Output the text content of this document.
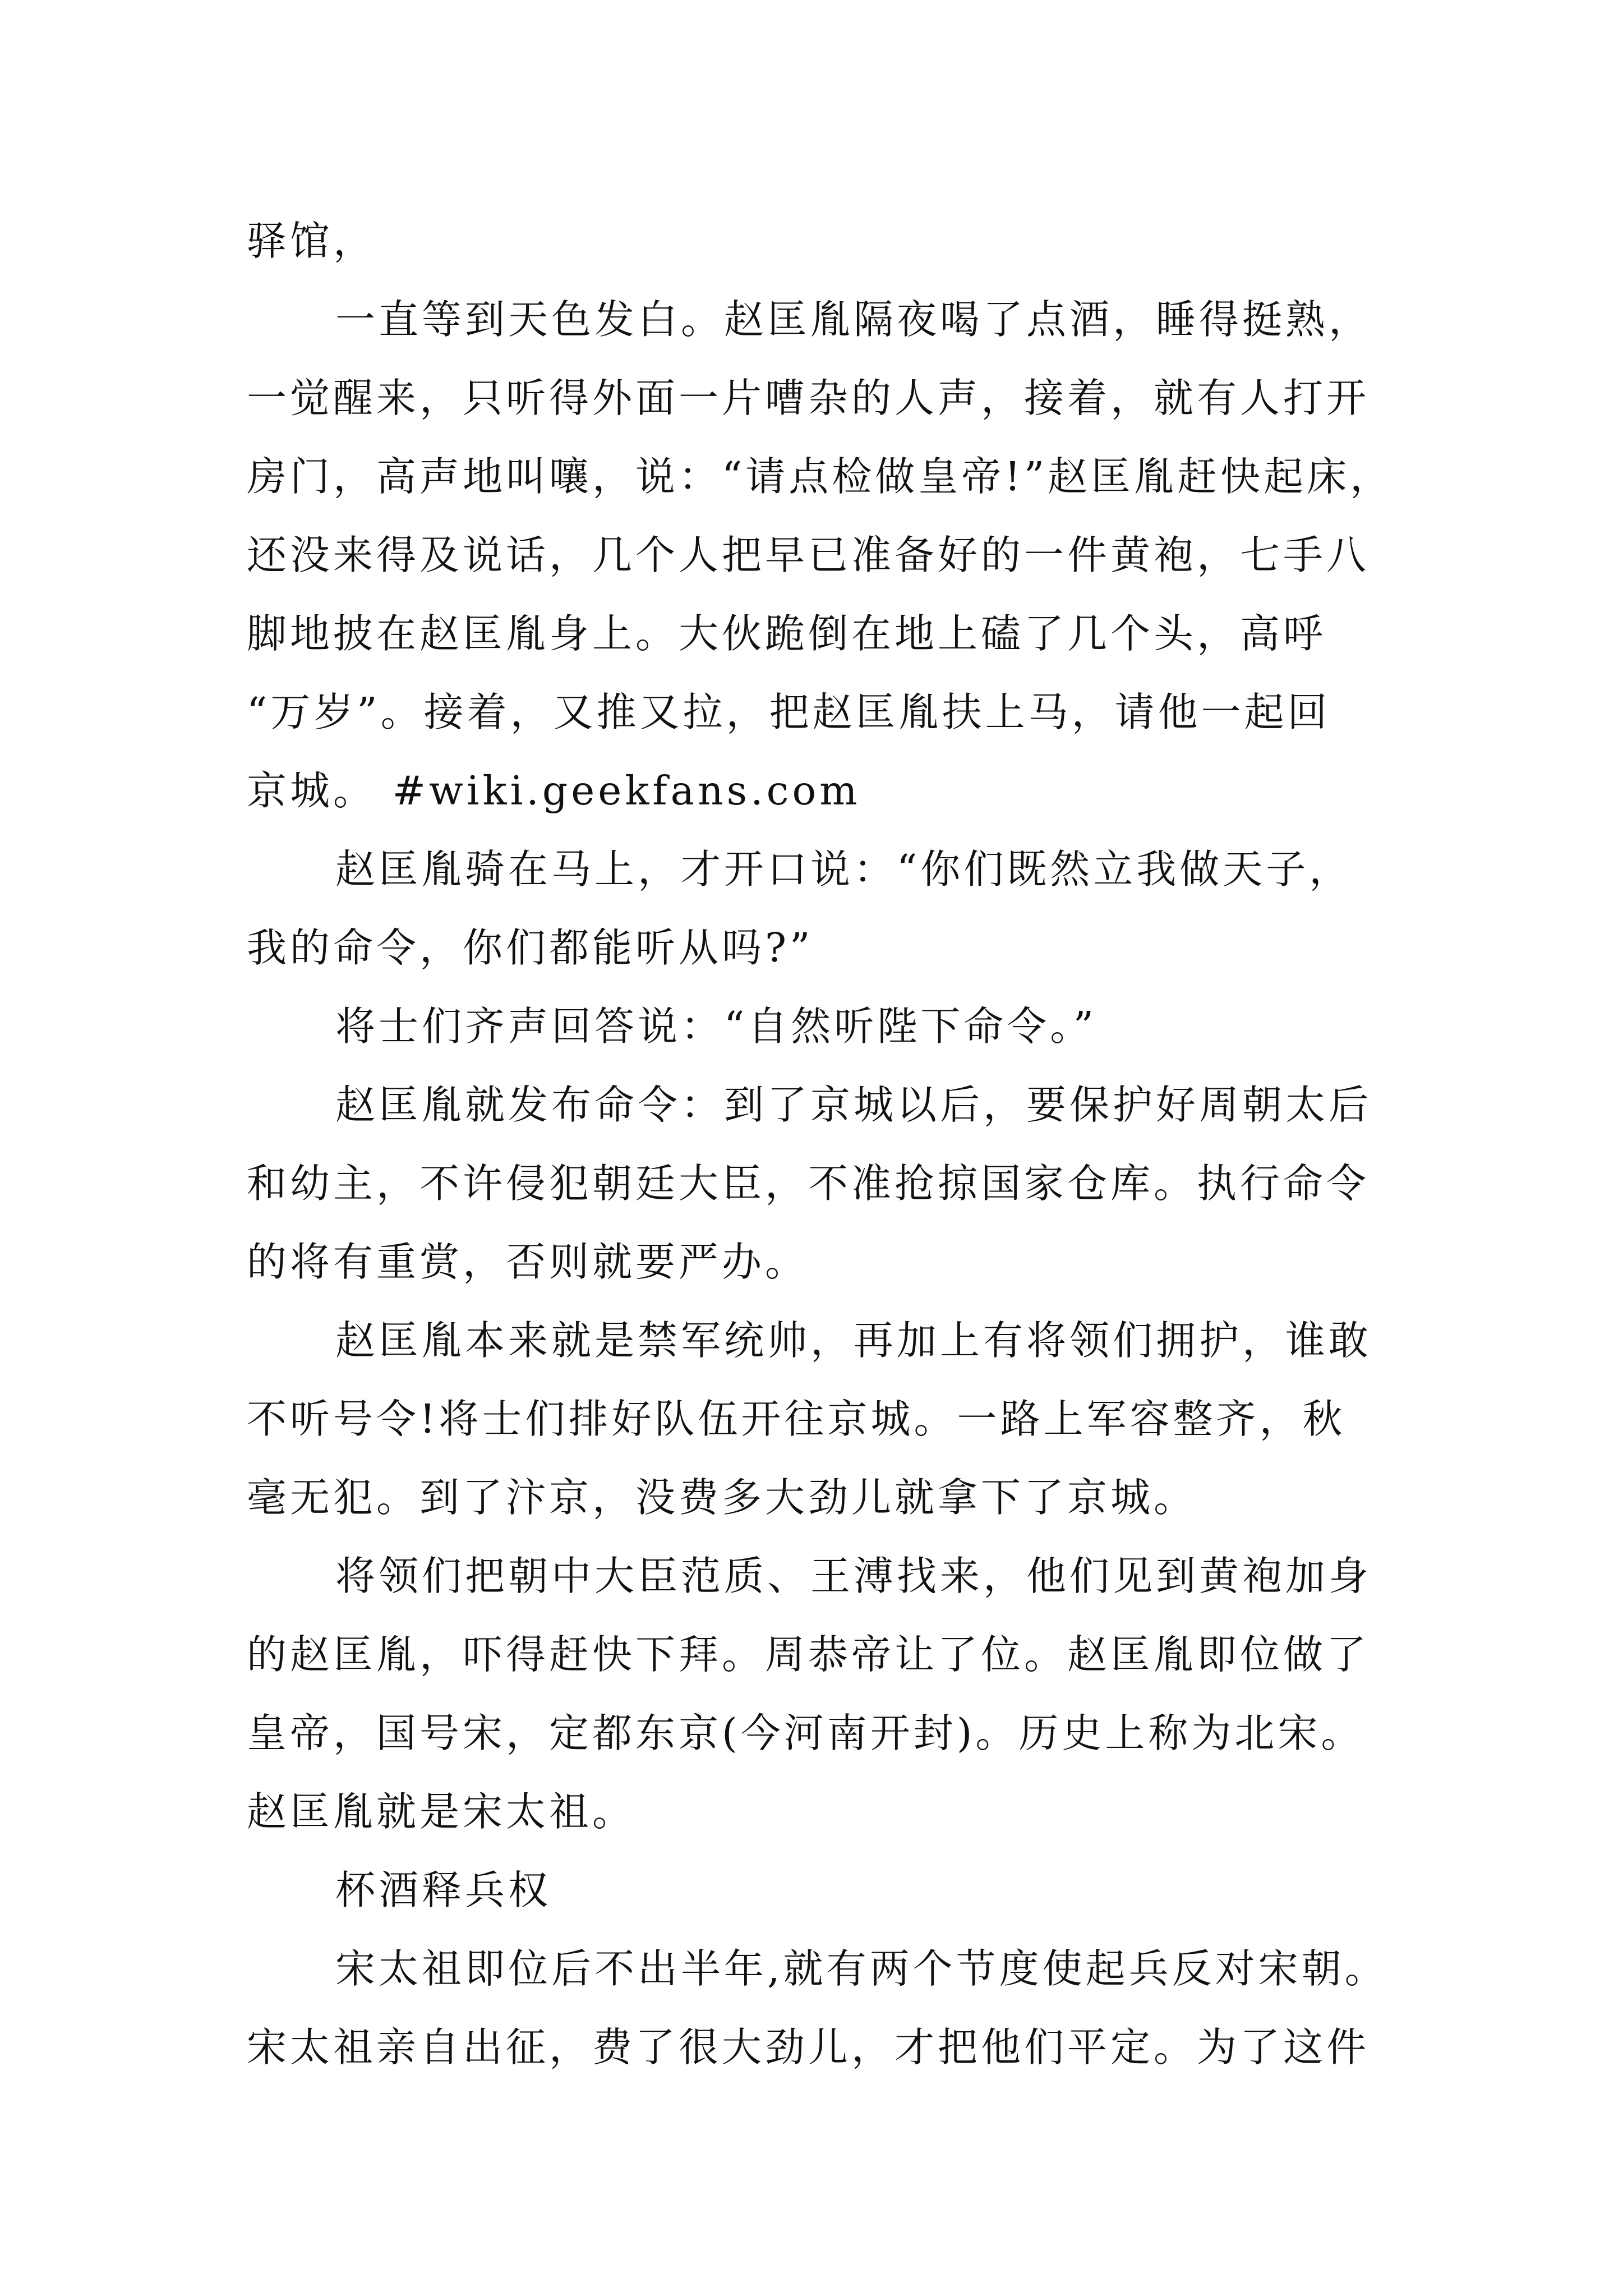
驿馆，
一直等到天色发白。赵匡胤隔夜喝了点酒，睡得挺熟，
一觉醒来，只听得外面一片嘈杂的人声，接着，就有人打开
房门，高声地叫嚷，说：“请点检做皇帝!”赵匡胤赶快起床，
还没来得及说话，几个人把早已准备好的一件黄袍，七手八
脚地披在赵匡胤身上。大伙跪倒在地上磕了几个头，高呼
“万岁”。接着，又推又拉，把赵匡胤扶上马，请他一起回
京城。 #wiki.geekfans.com
赵匡胤骑在马上，才开口说：“你们既然立我做天子，
我的命令，你们都能听从吗?”
将士们齐声回答说：“自然听陛下命令。”
赵匡胤就发布命令：到了京城以后，要保护好周朝太后
和幼主，不许侵犯朝廷大臣，不准抢掠国家仓库。执行命令
的将有重赏，否则就要严办。
赵匡胤本来就是禁军统帅，再加上有将领们拥护，谁敢
不听号令!将士们排好队伍开往京城。一路上军容整齐，秋
毫无犯。到了汴京，没费多大劲儿就拿下了京城。
将领们把朝中大臣范质、王溥找来，他们见到黄袍加身
的赵匡胤，吓得赶快下拜。周恭帝让了位。赵匡胤即位做了
皇帝，国号宋，定都东京(今河南开封)。历史上称为北宋。
赵匡胤就是宋太祖。
杯酒释兵权
宋太祖即位后不出半年,就有两个节度使起兵反对宋朝。
宋太祖亲自出征，费了很大劲儿，才把他们平定。为了这件
